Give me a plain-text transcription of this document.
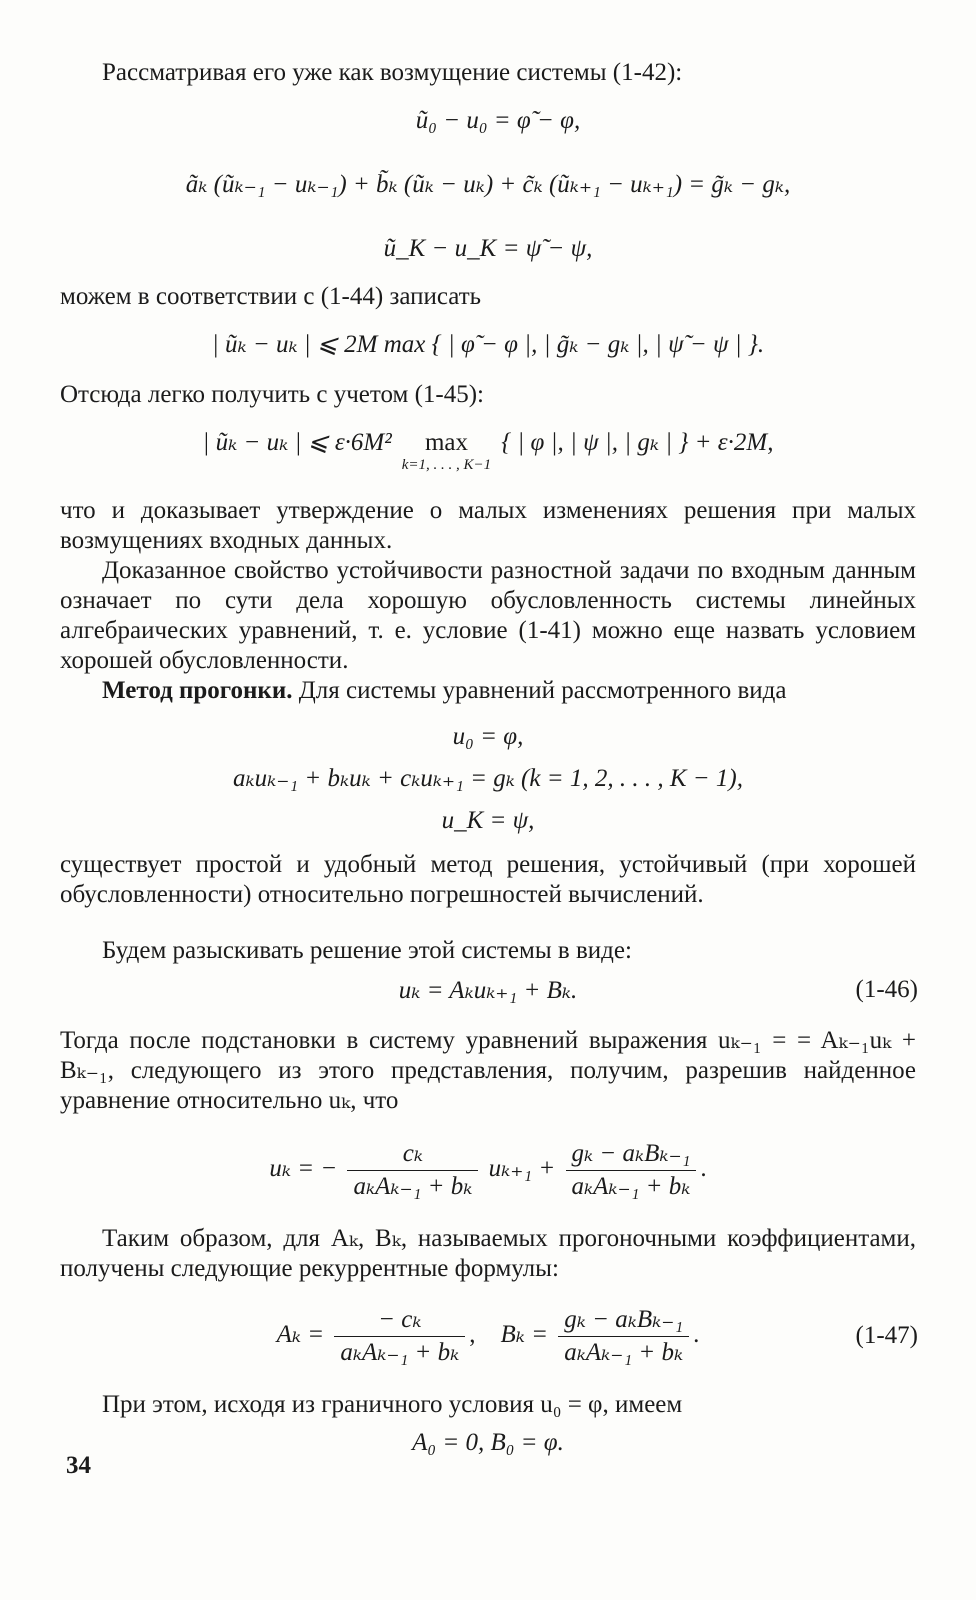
Рассматривая его уже как возмущение системы (1-42):
ũ₀ − u₀ = φ̃ − φ,
ãₖ (ũₖ₋₁ − uₖ₋₁) + b̃ₖ (ũₖ − uₖ) + c̃ₖ (ũₖ₊₁ − uₖ₊₁) = g̃ₖ − gₖ,
ũ_K − u_K = ψ̃ − ψ,
можем в соответствии с (1-44) записать
| ũₖ − uₖ | ⩽ 2M max { | φ̃ − φ |, | g̃ₖ − gₖ |, | ψ̃ − ψ | }.
Отсюда легко получить с учетом (1-45):
| ũₖ − uₖ | ⩽ ε·6M² max
k=1, . . . , K−1
{ | φ |, | ψ |, | gₖ | } + ε·2M,
что и доказывает утверждение о малых изменениях решения при малых возмущениях входных данных.
Доказанное свойство устойчивости разностной задачи по входным данным означает по сути дела хорошую обусловленность системы линейных алгебраических уравнений, т. е. условие (1-41) можно еще назвать условием хорошей обусловленности.
Метод прогонки. Для системы уравнений рассмотренного вида
u₀ = φ,
aₖuₖ₋₁ + bₖuₖ + cₖuₖ₊₁ = gₖ (k = 1, 2, . . . , K − 1),
u_K = ψ,
существует простой и удобный метод решения, устойчивый (при хорошей обусловленности) относительно погрешностей вычислений.
Будем разыскивать решение этой системы в виде:
uₖ = Aₖuₖ₊₁ + Bₖ.	(1-46)
Тогда после подстановки в систему уравнений выражения uₖ₋₁ = = Aₖ₋₁uₖ + Bₖ₋₁, следующего из этого представления, получим, разрешив найденное уравнение относительно uₖ, что
uₖ = − $\frac{\text{cₖ}}{\text{aₖAₖ₋₁ + bₖ}} u_{k+1} + \frac{\text{gₖ − aₖBₖ₋₁}}{\text{aₖAₖ₋₁ + bₖ}}$ .
Таким образом, для Aₖ, Bₖ, называемых прогоночными коэффициентами, получены следующие рекуррентные формулы:
$A_k = \frac{\text{− cₖ}}{\text{aₖAₖ₋₁ + bₖ}}$ ,    $B_k = \frac{\text{gₖ − aₖBₖ₋₁}}{\text{aₖAₖ₋₁ + bₖ}}$ .	(1-47)
При этом, исходя из граничного условия u₀ = φ, имеем
A₀ = 0, B₀ = φ.
34
